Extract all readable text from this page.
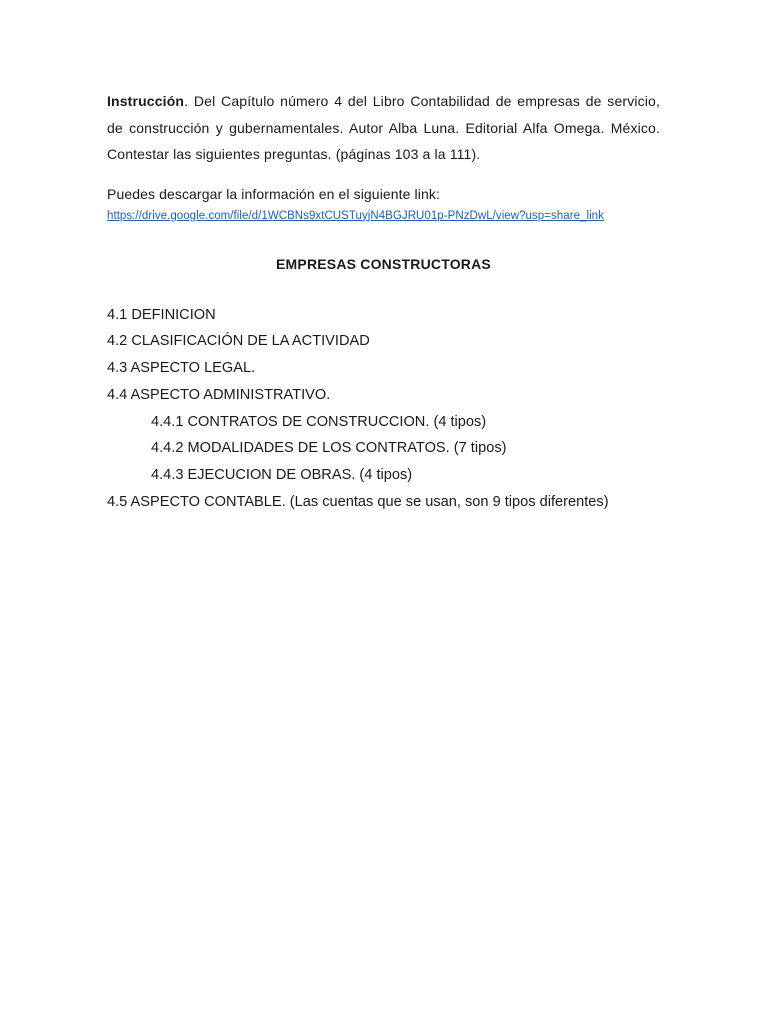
Instrucción. Del Capítulo número 4 del Libro Contabilidad de empresas de servicio, de construcción y gubernamentales. Autor Alba Luna. Editorial Alfa Omega. México. Contestar las siguientes preguntas. (páginas 103 a la 111).

Puedes descargar la información en el siguiente link:
https://drive.google.com/file/d/1WCBNs9xtCUSTuyjN4BGJRU01p-PNzDwL/view?usp=share_link
EMPRESAS CONSTRUCTORAS
4.1 DEFINICION
4.2 CLASIFICACIÓN DE LA ACTIVIDAD
4.3 ASPECTO LEGAL.
4.4 ASPECTO ADMINISTRATIVO.
4.4.1 CONTRATOS DE CONSTRUCCION. (4 tipos)
4.4.2 MODALIDADES DE LOS CONTRATOS. (7 tipos)
4.4.3 EJECUCION DE OBRAS. (4 tipos)
4.5 ASPECTO CONTABLE. (Las cuentas que se usan, son 9 tipos diferentes)
